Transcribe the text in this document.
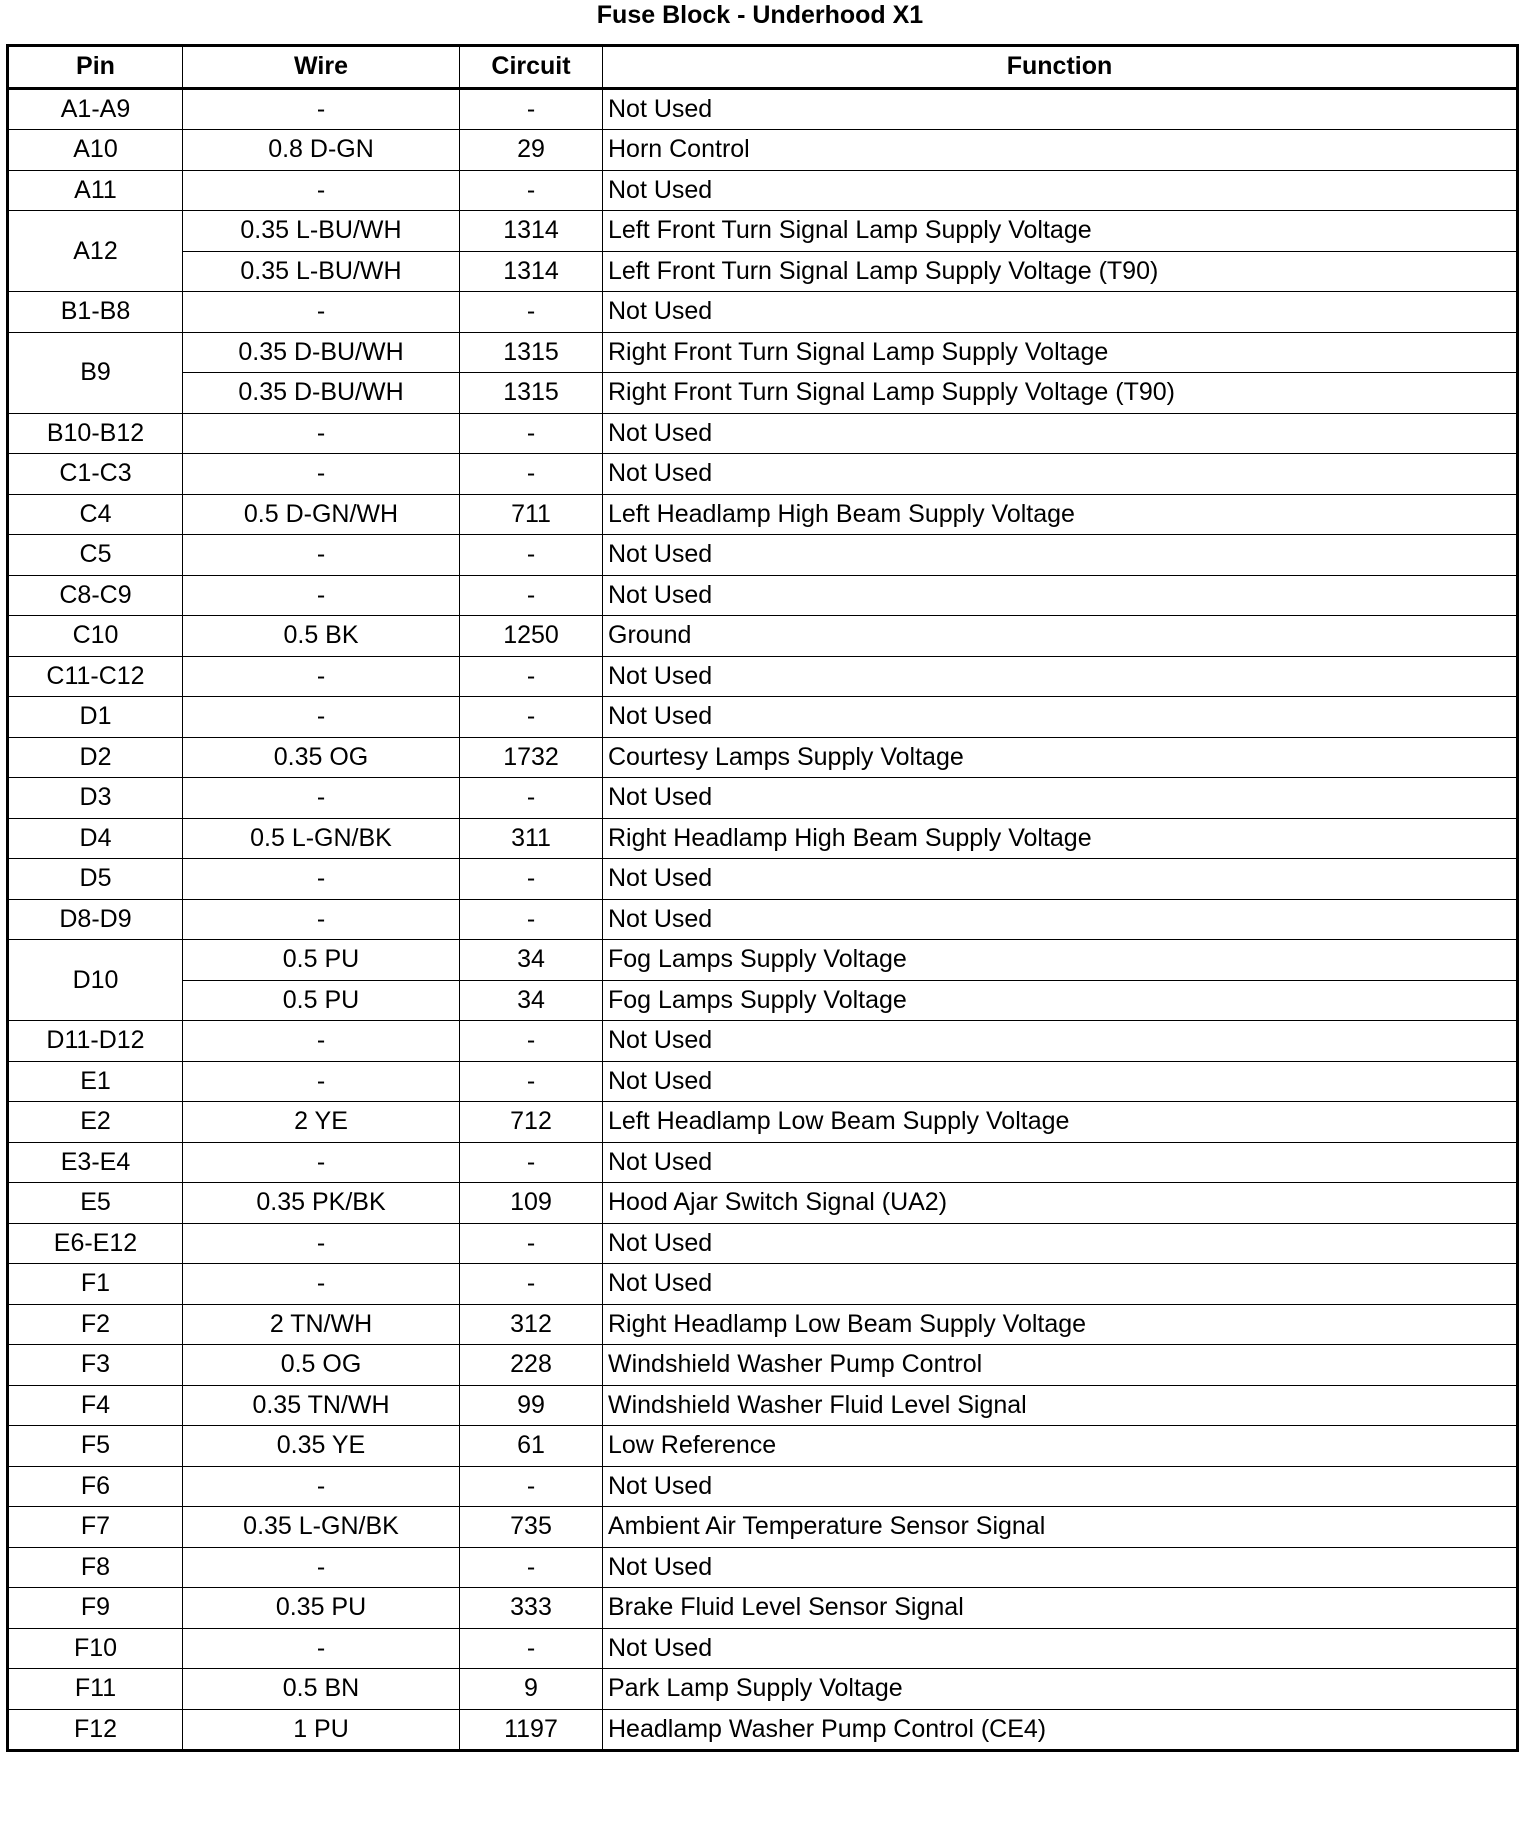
Fuse Block - Underhood X1
Pin	Wire	Circuit	Function
A1-A9	-	-	Not Used
A10	0.8 D-GN	29	Horn Control
A11	-	-	Not Used
A12	0.35 L-BU/WH	1314	Left Front Turn Signal Lamp Supply Voltage
	0.35 L-BU/WH	1314	Left Front Turn Signal Lamp Supply Voltage (T90)
B1-B8	-	-	Not Used
B9	0.35 D-BU/WH	1315	Right Front Turn Signal Lamp Supply Voltage
	0.35 D-BU/WH	1315	Right Front Turn Signal Lamp Supply Voltage (T90)
B10-B12	-	-	Not Used
C1-C3	-	-	Not Used
C4	0.5 D-GN/WH	711	Left Headlamp High Beam Supply Voltage
C5	-	-	Not Used
C8-C9	-	-	Not Used
C10	0.5 BK	1250	Ground
C11-C12	-	-	Not Used
D1	-	-	Not Used
D2	0.35 OG	1732	Courtesy Lamps Supply Voltage
D3	-	-	Not Used
D4	0.5 L-GN/BK	311	Right Headlamp High Beam Supply Voltage
D5	-	-	Not Used
D8-D9	-	-	Not Used
D10	0.5 PU	34	Fog Lamps Supply Voltage
	0.5 PU	34	Fog Lamps Supply Voltage
D11-D12	-	-	Not Used
E1	-	-	Not Used
E2	2 YE	712	Left Headlamp Low Beam Supply Voltage
E3-E4	-	-	Not Used
E5	0.35 PK/BK	109	Hood Ajar Switch Signal (UA2)
E6-E12	-	-	Not Used
F1	-	-	Not Used
F2	2 TN/WH	312	Right Headlamp Low Beam Supply Voltage
F3	0.5 OG	228	Windshield Washer Pump Control
F4	0.35 TN/WH	99	Windshield Washer Fluid Level Signal
F5	0.35 YE	61	Low Reference
F6	-	-	Not Used
F7	0.35 L-GN/BK	735	Ambient Air Temperature Sensor Signal
F8	-	-	Not Used
F9	0.35 PU	333	Brake Fluid Level Sensor Signal
F10	-	-	Not Used
F11	0.5 BN	9	Park Lamp Supply Voltage
F12	1 PU	1197	Headlamp Washer Pump Control (CE4)
